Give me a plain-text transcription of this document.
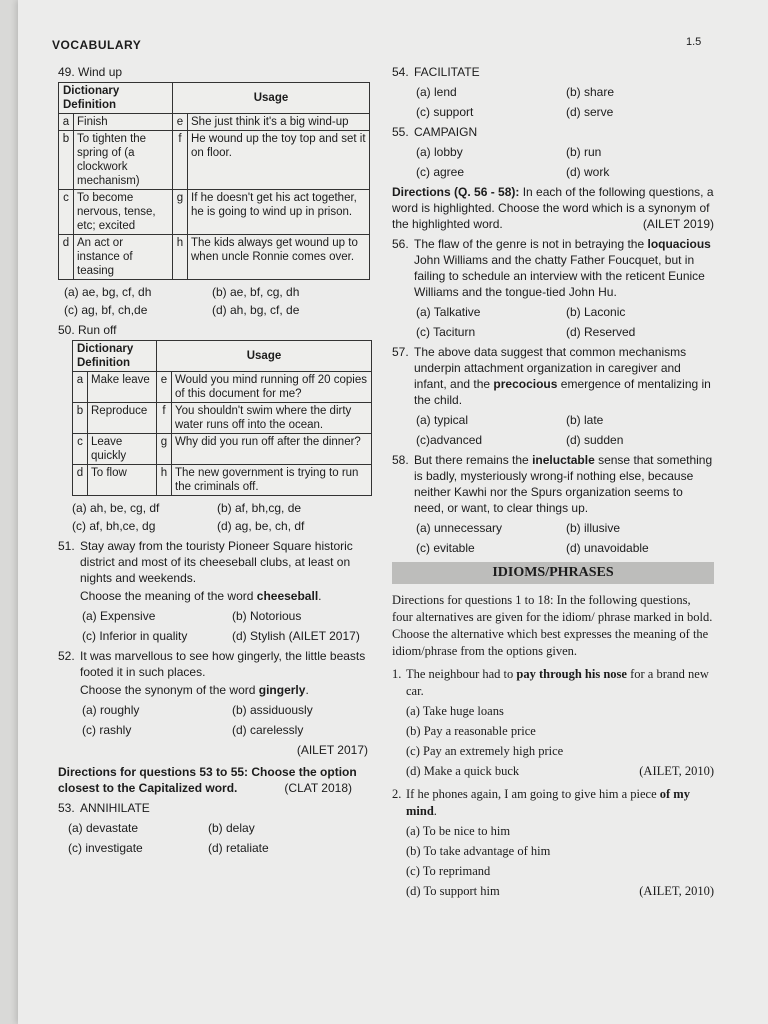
VOCABULARY	1.5
49. Wind up
Dictionary Definition		Usage	
a	Finish	e	She just think it's a big wind-up
b	To tighten the spring of (a clockwork mechanism)	f	He wound up the toy top and set it on floor.
c	To become nervous, tense, etc; excited	g	If he doesn't get his act together, he is going to wind up in prison.
d	An act or instance of teasing	h	The kids always get wound up to when uncle Ronnie comes over.
(a) ae, bg, cf, dh	(b) ae, bf, cg, dh
(c) ag, bf, ch,de	(d) ah, bg, cf, de
50. Run off
Dictionary Definition		Usage	
a	Make leave	e	Would you mind running off 20 copies of this document for me?
b	Reproduce	f	You shouldn't swim where the dirty water runs off into the ocean.
c	Leave quickly	g	Why did you run off after the dinner?
d	To flow	h	The new government is trying to run the criminals off.
(a) ah, be, cg, df	(b) af, bh,cg, de
(c) af, bh,ce, dg	(d) ag, be, ch, df
51. Stay away from the touristy Pioneer Square historic district and most of its cheeseball clubs, at least on nights and weekends.
Choose the meaning of the word cheeseball.
(a) Expensive	(b) Notorious
(c) Inferior in quality	(d) Stylish (AILET 2017)
52. It was marvellous to see how gingerly, the little beasts footed it in such places.
Choose the synonym of the word gingerly.
(a) roughly	(b) assiduously
(c) rashly	(d) carelessly
(AILET 2017)
Directions for questions 53 to 55: Choose the option closest to the Capitalized word.	(CLAT 2018)
53. ANNIHILATE
(a) devastate	(b) delay
(c) investigate	(d) retaliate
54. FACILITATE
(a) lend	(b) share
(c) support	(d) serve
55. CAMPAIGN
(a) lobby	(b) run
(c) agree	(d) work
Directions (Q. 56 - 58): In each of the following questions, a word is highlighted. Choose the word which is a synonym of the highlighted word.	(AILET 2019)
56. The flaw of the genre is not in betraying the loquacious John Williams and the chatty Father Foucquet, but in failing to schedule an interview with the reticent Eunice Williams and the tongue-tied John Hu.
(a) Talkative	(b) Laconic
(c) Taciturn	(d) Reserved
57. The above data suggest that common mechanisms underpin attachment organization in caregiver and infant, and the precocious emergence of mentalizing in the child.
(a) typical	(b) late
(c)advanced	(d) sudden
58. But there remains the ineluctable sense that something is badly, mysteriously wrong-if nothing else, because neither Kawhi nor the Spurs organization seems to need, or want, to clear things up.
(a) unnecessary	(b) illusive
(c) evitable	(d) unavoidable
IDIOMS/PHRASES
Directions for questions 1 to 18: In the following questions, four alternatives are given for the idiom/ phrase marked in bold. Choose the alternative which best expresses the meaning of the idiom/phrase from the options given.
1. The neighbour had to pay through his nose for a brand new car.
(a) Take huge loans
(b) Pay a reasonable price
(c) Pay an extremely high price
(d) Make a quick buck	(AILET, 2010)
2. If he phones again, I am going to give him a piece of my mind.
(a) To be nice to him
(b) To take advantage of him
(c) To reprimand
(d) To support him	(AILET, 2010)
